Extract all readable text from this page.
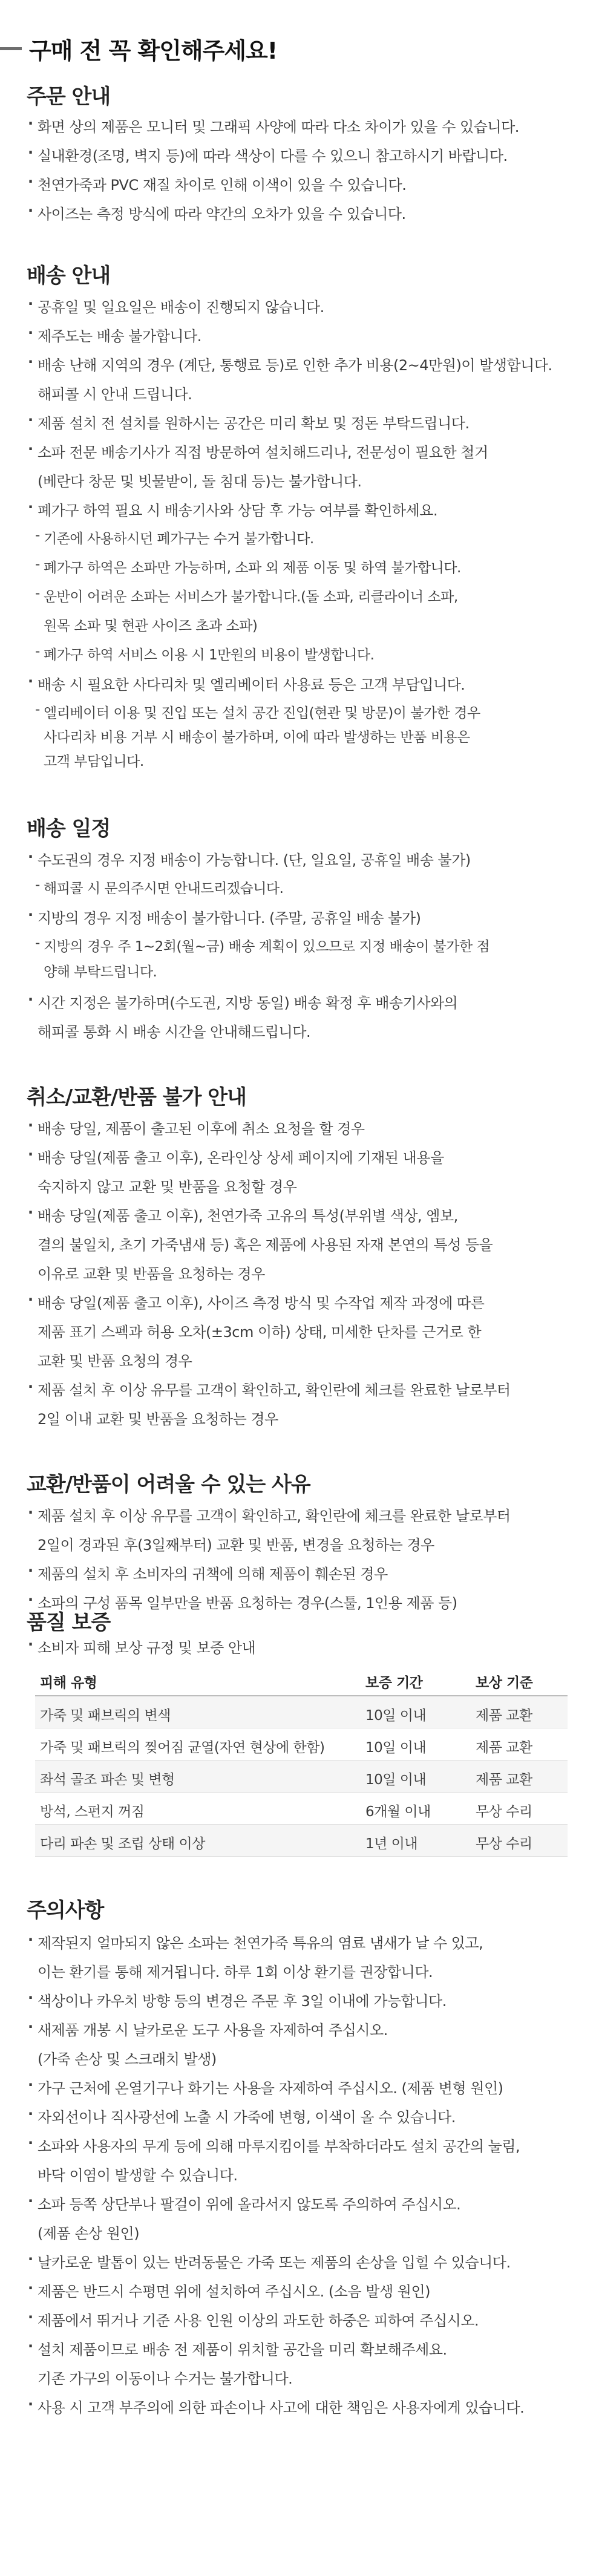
구매 전 꼭 확인해주세요!
주문 안내
· 화면 상의 제품은 모니터 및 그래픽 사양에 따라 다소 차이가 있을 수 있습니다.
· 실내환경(조명, 벽지 등)에 따라 색상이 다를 수 있으니 참고하시기 바랍니다.
· 천연가죽과 PVC 재질 차이로 인해 이색이 있을 수 있습니다.
· 사이즈는 측정 방식에 따라 약간의 오차가 있을 수 있습니다.
배송 안내
· 공휴일 및 일요일은 배송이 진행되지 않습니다.
· 제주도는 배송 불가합니다.
· 배송 난해 지역의 경우 (계단, 통행료 등)로 인한 추가 비용(2~4만원)이 발생합니다.
해피콜 시 안내 드립니다.
· 제품 설치 전 설치를 원하시는 공간은 미리 확보 및 정돈 부탁드립니다.
· 소파 전문 배송기사가 직접 방문하여 설치해드리나, 전문성이 필요한 철거
(베란다 창문 및 빗물받이, 돌 침대 등)는 불가합니다.
· 폐가구 하역 필요 시 배송기사와 상담 후 가능 여부를 확인하세요.
- 기존에 사용하시던 폐가구는 수거 불가합니다.
- 폐가구 하역은 소파만 가능하며, 소파 외 제품 이동 및 하역 불가합니다.
- 운반이 어려운 소파는 서비스가 불가합니다.(돌 소파, 리클라이너 소파,
원목 소파 및 현관 사이즈 초과 소파)
- 폐가구 하역 서비스 이용 시 1만원의 비용이 발생합니다.
· 배송 시 필요한 사다리차 및 엘리베이터 사용료 등은 고객 부담입니다.
- 엘리베이터 이용 및 진입 또는 설치 공간 진입(현관 및 방문)이 불가한 경우
사다리차 비용 거부 시 배송이 불가하며, 이에 따라 발생하는 반품 비용은
고객 부담입니다.
배송 일정
· 수도권의 경우 지정 배송이 가능합니다. (단, 일요일, 공휴일 배송 불가)
- 해피콜 시 문의주시면 안내드리겠습니다.
· 지방의 경우 지정 배송이 불가합니다. (주말, 공휴일 배송 불가)
- 지방의 경우 주 1~2회(월~금) 배송 계획이 있으므로 지정 배송이 불가한 점
양해 부탁드립니다.
· 시간 지정은 불가하며(수도권, 지방 동일) 배송 확정 후 배송기사와의
해피콜 통화 시 배송 시간을 안내해드립니다.
취소/교환/반품 불가 안내
· 배송 당일, 제품이 출고된 이후에 취소 요청을 할 경우
· 배송 당일(제품 출고 이후), 온라인상 상세 페이지에 기재된 내용을
숙지하지 않고 교환 및 반품을 요청할 경우
· 배송 당일(제품 출고 이후), 천연가죽 고유의 특성(부위별 색상, 엠보,
결의 불일치, 초기 가죽냄새 등) 혹은 제품에 사용된 자재 본연의 특성 등을
이유로 교환 및 반품을 요청하는 경우
· 배송 당일(제품 출고 이후), 사이즈 측정 방식 및 수작업 제작 과정에 따른
제품 표기 스펙과 허용 오차(±3cm 이하) 상태, 미세한 단차를 근거로 한
교환 및 반품 요청의 경우
· 제품 설치 후 이상 유무를 고객이 확인하고, 확인란에 체크를 완료한 날로부터
2일 이내 교환 및 반품을 요청하는 경우
교환/반품이 어려울 수 있는 사유
· 제품 설치 후 이상 유무를 고객이 확인하고, 확인란에 체크를 완료한 날로부터
2일이 경과된 후(3일째부터) 교환 및 반품, 변경을 요청하는 경우
· 제품의 설치 후 소비자의 귀책에 의해 제품이 훼손된 경우
· 소파의 구성 품목 일부만을 반품 요청하는 경우(스툴, 1인용 제품 등)
품질 보증
· 소비자 피해 보상 규정 및 보증 안내
피해 유형	보증 기간	보상 기준
가죽 및 패브릭의 변색	10일 이내	제품 교환
가죽 및 패브릭의 찢어짐 균열(자연 현상에 한함)	10일 이내	제품 교환
좌석 골조 파손 및 변형	10일 이내	제품 교환
방석, 스펀지 꺼짐	6개월 이내	무상 수리
다리 파손 및 조립 상태 이상	1년 이내	무상 수리
주의사항
· 제작된지 얼마되지 않은 소파는 천연가죽 특유의 염료 냄새가 날 수 있고,
이는 환기를 통해 제거됩니다. 하루 1회 이상 환기를 권장합니다.
· 색상이나 카우치 방향 등의 변경은 주문 후 3일 이내에 가능합니다.
· 새제품 개봉 시 날카로운 도구 사용을 자제하여 주십시오.
(가죽 손상 및 스크래치 발생)
· 가구 근처에 온열기구나 화기는 사용을 자제하여 주십시오. (제품 변형 원인)
· 자외선이나 직사광선에 노출 시 가죽에 변형, 이색이 올 수 있습니다.
· 소파와 사용자의 무게 등에 의해 마루지킴이를 부착하더라도 설치 공간의 눌림,
바닥 이염이 발생할 수 있습니다.
· 소파 등쪽 상단부나 팔걸이 위에 올라서지 않도록 주의하여 주십시오.
(제품 손상 원인)
· 날카로운 발톱이 있는 반려동물은 가죽 또는 제품의 손상을 입힐 수 있습니다.
· 제품은 반드시 수평면 위에 설치하여 주십시오. (소음 발생 원인)
· 제품에서 뛰거나 기준 사용 인원 이상의 과도한 하중은 피하여 주십시오.
· 설치 제품이므로 배송 전 제품이 위치할 공간을 미리 확보해주세요.
기존 가구의 이동이나 수거는 불가합니다.
· 사용 시 고객 부주의에 의한 파손이나 사고에 대한 책임은 사용자에게 있습니다.
